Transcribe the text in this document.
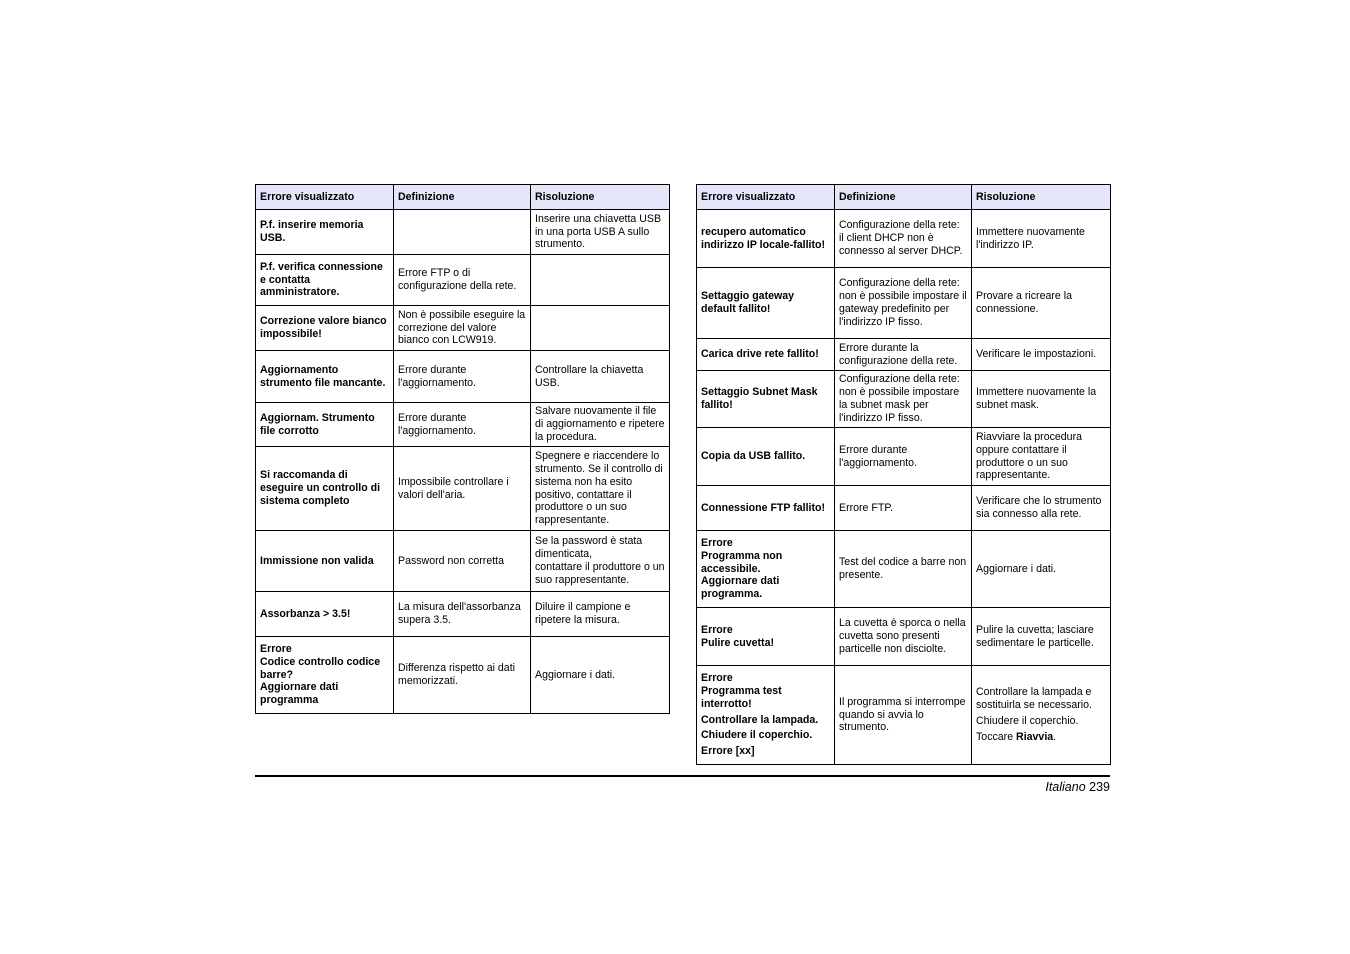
Errore visualizzato	Definizione	Risoluzione

P.f. inserire memoria USB.		Inserire una chiavetta USB in una porta USB A sullo strumento.

P.f. verifica connessione e contatta amministratore.	Errore FTP o di configurazione della rete.	

Correzione valore bianco impossibile!	Non è possibile eseguire la correzione del valore bianco con LCW919.	

Aggiornamento strumento file mancante.	Errore durante l'aggiornamento.	Controllare la chiavetta USB.

Aggiornam. Strumento file corrotto	Errore durante l'aggiornamento.	Salvare nuovamente il file di aggiornamento e ripetere la procedura.

Si raccomanda di eseguire un controllo di sistema completo	Impossibile controllare i valori dell'aria.	Spegnere e riaccendere lo strumento. Se il controllo di sistema non ha esito positivo, contattare il produttore o un suo rappresentante.

Immissione non valida	Password non corretta	Se la password è stata dimenticata,
contattare il produttore o un suo rappresentante.

Assorbanza > 3.5!	La misura dell'assorbanza supera 3.5.	Diluire il campione e ripetere la misura.

Errore
Codice controllo codice barre?
Aggiornare dati programma	Differenza rispetto ai dati memorizzati.	Aggiornare i dati.
Errore visualizzato	Definizione	Risoluzione

recupero automatico indirizzo IP locale-fallito!	Configurazione della rete: il client DHCP non è connesso al server DHCP.	Immettere nuovamente l'indirizzo IP.

Settaggio gateway default fallito!	Configurazione della rete: non è possibile impostare il gateway predefinito per l'indirizzo IP fisso.	Provare a ricreare la connessione.

Carica drive rete fallito!	Errore durante la configurazione della rete.	Verificare le impostazioni.

Settaggio Subnet Mask fallito!	Configurazione della rete: non è possibile impostare la subnet mask per l'indirizzo IP fisso.	Immettere nuovamente la subnet mask.

Copia da USB fallito.	Errore durante l'aggiornamento.	Riavviare la procedura oppure contattare il produttore o un suo rappresentante.

Connessione FTP fallito!	Errore FTP.	Verificare che lo strumento sia connesso alla rete.

Errore
Programma non accessibile.
Aggiornare dati programma.	Test del codice a barre non presente.	Aggiornare i dati.

Errore
Pulire cuvetta!	La cuvetta è sporca o nella cuvetta sono presenti particelle non disciolte.	Pulire la cuvetta; lasciare sedimentare le particelle.

Errore
Programma test interrotto!
Controllare la lampada.
Chiudere il coperchio.
Errore [xx]	Il programma si interrompe quando si avvia lo strumento.	Controllare la lampada e sostituirla se necessario.
Chiudere il coperchio.
Toccare Riavvia.
Italiano 239
